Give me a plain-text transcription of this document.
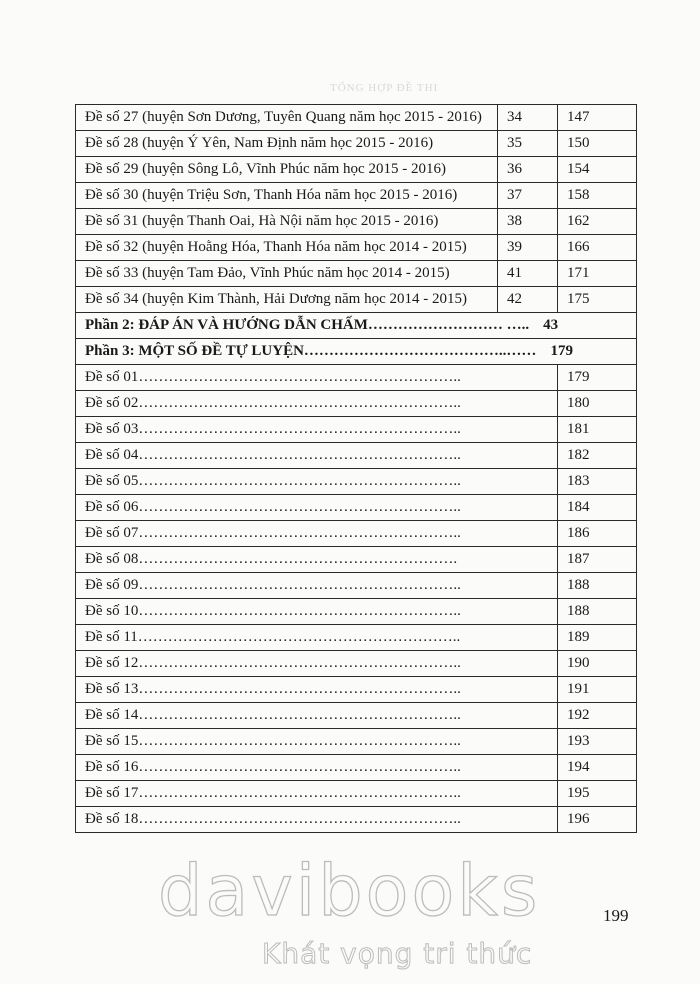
TỔNG HỢP ĐỀ THI
Đề số 27 (huyện Sơn Dương, Tuyên Quang năm học 2015 - 2016)	34	147
Đề số 28 (huyện Ý Yên, Nam Định năm học 2015 - 2016)	35	150
Đề số 29 (huyện Sông Lô, Vĩnh Phúc năm học 2015 - 2016)	36	154
Đề số 30 (huyện Triệu Sơn, Thanh Hóa năm học 2015 - 2016)	37	158
Đề số 31 (huyện Thanh Oai, Hà Nội năm học 2015 - 2016)	38	162
Đề số 32 (huyện Hoằng Hóa, Thanh Hóa năm học 2014 - 2015)	39	166
Đề số 33 (huyện Tam Đảo, Vĩnh Phúc năm học 2014 - 2015)	41	171
Đề số 34 (huyện Kim Thành, Hải Dương năm học 2014 - 2015)	42	175
Phần 2: ĐÁP ÁN VÀ HƯỚNG DẪN CHẤM……………………… ….. 43		
Phần 3: MỘT SỐ ĐỀ TỰ LUYỆN…………………………………..…… 179		
Đề số 01………………………………………………………..		179
Đề số 02………………………………………………………..		180
Đề số 03………………………………………………………..		181
Đề số 04………………………………………………………..		182
Đề số 05………………………………………………………..		183
Đề số 06………………………………………………………..		184
Đề số 07………………………………………………………..		186
Đề số 08……………………………………………………….		187
Đề số 09………………………………………………………..		188
Đề số 10………………………………………………………..		188
Đề số 11………………………………………………………..		189
Đề số 12………………………………………………………..		190
Đề số 13………………………………………………………..		191
Đề số 14………………………………………………………..		192
Đề số 15………………………………………………………..		193
Đề số 16………………………………………………………..		194
Đề số 17………………………………………………………..		195
Đề số 18………………………………………………………..		196
199
davibooks
Khát vọng tri thức
